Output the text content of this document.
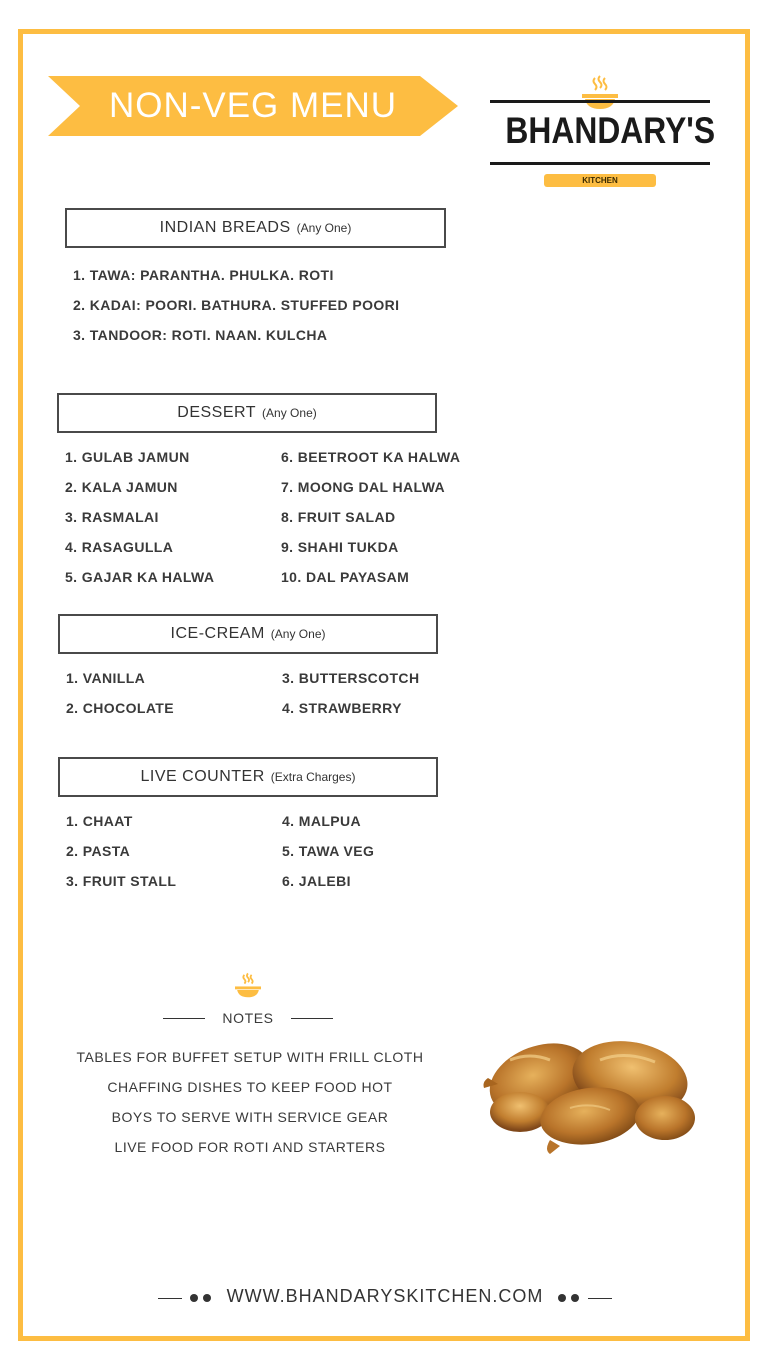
NON-VEG MENU
BHANDARY'S
KITCHEN
INDIAN BREADS (Any One)
1. TAWA: PARANTHA. PHULKA. ROTI
2. KADAI: POORI. BATHURA. STUFFED POORI
3. TANDOOR: ROTI. NAAN. KULCHA
DESSERT (Any One)
1. GULAB JAMUN
2. KALA JAMUN
3. RASMALAI
4. RASAGULLA
5. GAJAR KA HALWA
6. BEETROOT KA HALWA
7. MOONG DAL HALWA
8. FRUIT SALAD
9. SHAHI TUKDA
10. DAL PAYASAM
ICE-CREAM (Any One)
1. VANILLA
2. CHOCOLATE
3. BUTTERSCOTCH
4. STRAWBERRY
LIVE COUNTER (Extra Charges)
1. CHAAT
2. PASTA
3. FRUIT STALL
4. MALPUA
5. TAWA VEG
6. JALEBI
NOTES
TABLES FOR BUFFET SETUP WITH FRILL CLOTH
CHAFFING DISHES TO KEEP FOOD HOT
BOYS TO SERVE WITH SERVICE GEAR
LIVE FOOD FOR ROTI AND STARTERS
WWW.BHANDARYSKITCHEN.COM
